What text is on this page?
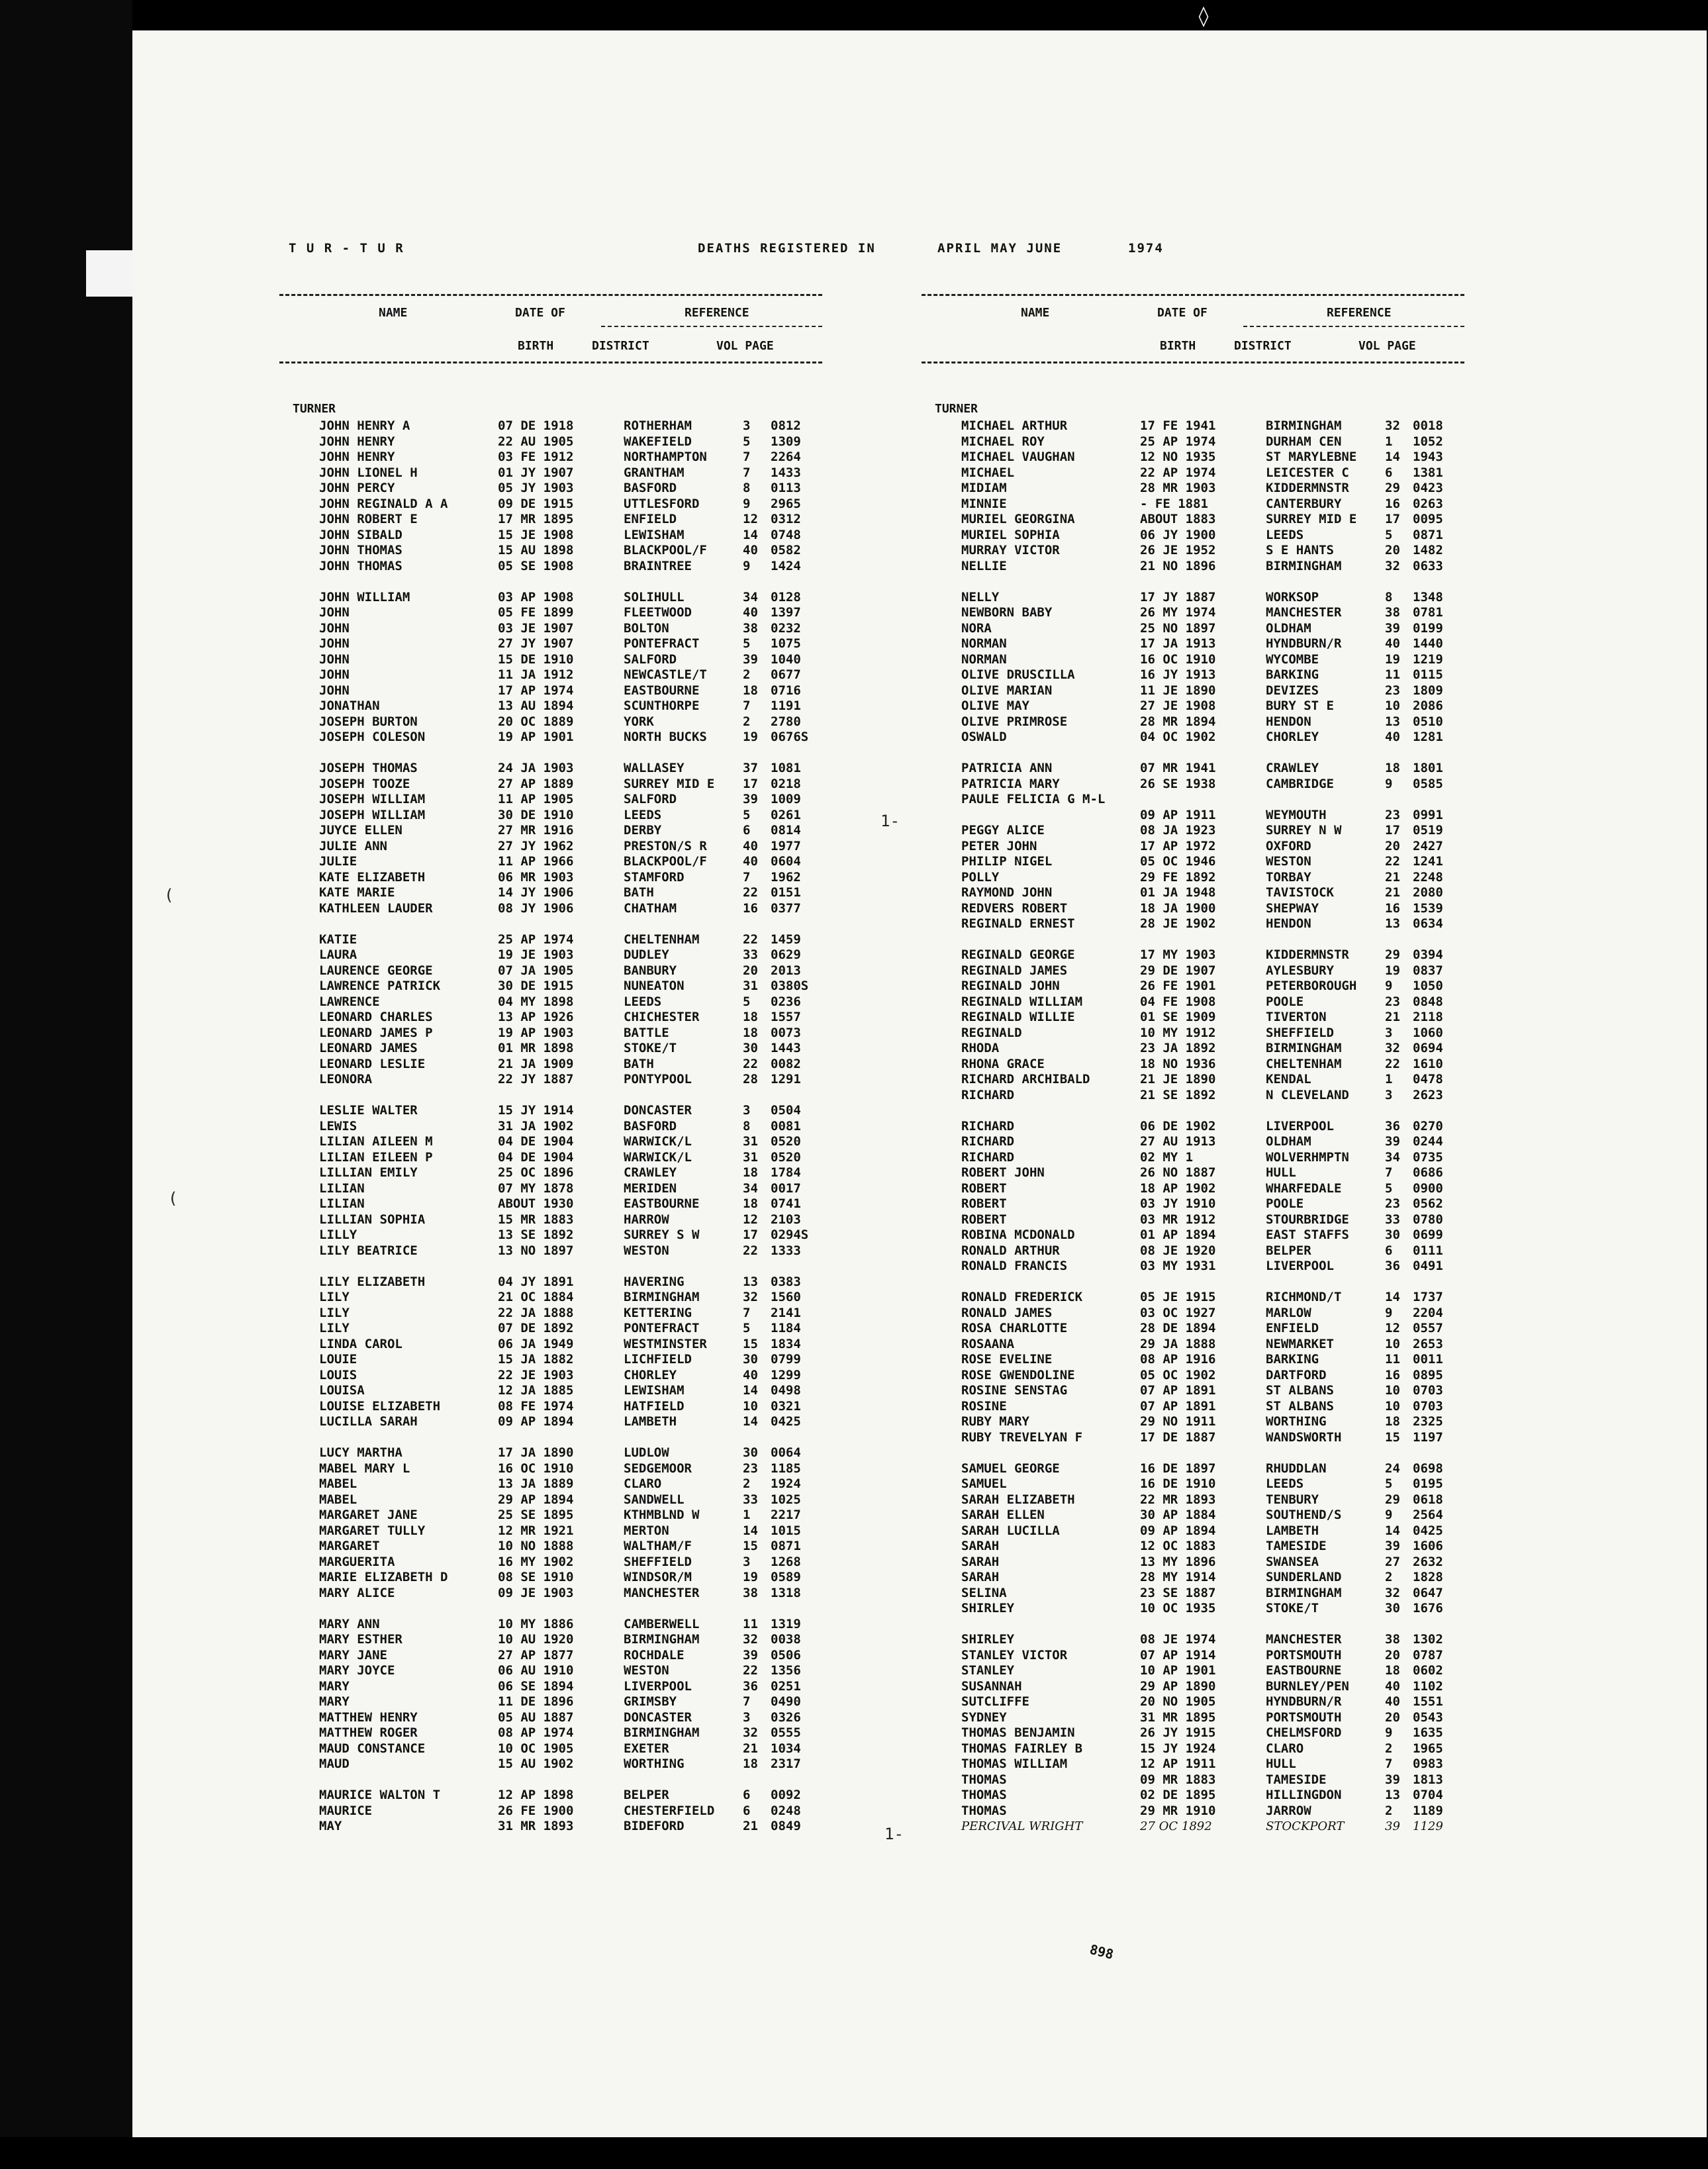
◊
T U R - T U R	DEATHS REGISTERED IN	APRIL MAY JUNE	1974
NAME	DATE OF
BIRTH
REFERENCE
DISTRICT	VOL PAGE
TURNER
JOHN HENRY A	07 DE 1918	ROTHERHAM	3 0812
JOHN HENRY	22 AU 1905	WAKEFIELD	5 1309
JOHN HENRY	03 FE 1912	NORTHAMPTON	7 2264
JOHN LIONEL H	01 JY 1907	GRANTHAM	7 1433
JOHN PERCY	05 JY 1903	BASFORD	8 0113
JOHN REGINALD A A	09 DE 1915	UTTLESFORD	9 2965
JOHN ROBERT E	17 MR 1895	ENFIELD	12 0312
JOHN SIBALD	15 JE 1908	LEWISHAM	14 0748
JOHN THOMAS	15 AU 1898	BLACKPOOL/F	40 0582
JOHN THOMAS	05 SE 1908	BRAINTREE	9 1424
JOHN WILLIAM	03 AP 1908	SOLIHULL	34 0128
JOHN	05 FE 1899	FLEETWOOD	40 1397
JOHN	03 JE 1907	BOLTON	38 0232
JOHN	27 JY 1907	PONTEFRACT	5 1075
JOHN	15 DE 1910	SALFORD	39 1040
JOHN	11 JA 1912	NEWCASTLE/T	2 0677
JOHN	17 AP 1974	EASTBOURNE	18 0716
JONATHAN	13 AU 1894	SCUNTHORPE	7 1191
JOSEPH BURTON	20 OC 1889	YORK	2 2780
JOSEPH COLESON	19 AP 1901	NORTH BUCKS	19 0676S
JOSEPH THOMAS	24 JA 1903	WALLASEY	37 1081
JOSEPH TOOZE	27 AP 1889	SURREY MID E 17 0218
JOSEPH WILLIAM	11 AP 1905	SALFORD	39 1009
JOSEPH WILLIAM	30 DE 1910	LEEDS	5 0261
JUYCE ELLEN	27 MR 1916	DERBY	6 0814
JULIE ANN	27 JY 1962	PRESTON/S R	40 1977
JULIE	11 AP 1966	BLACKPOOL/F	40 0604
KATE ELIZABETH	06 MR 1903	STAMFORD	7 1962
KATE MARIE	14 JY 1906	BATH	22 0151
KATHLEEN LAUDER	08 JY 1906	CHATHAM	16 0377
KATIE	25 AP 1974	CHELTENHAM	22 1459
LAURA	19 JE 1903	DUDLEY	33 0629
LAURENCE GEORGE	07 JA 1905	BANBURY	20 2013
LAWRENCE PATRICK	30 DE 1915	NUNEATON	31 0380S
LAWRENCE	04 MY 1898	LEEDS	5 0236
LEONARD CHARLES	13 AP 1926	CHICHESTER	18 1557
LEONARD JAMES P	19 AP 1903	BATTLE	18 0073
LEONARD JAMES	01 MR 1898	STOKE/T	30 1443
LEONARD LESLIE	21 JA 1909	BATH	22 0082
LEONORA	22 JY 1887	PONTYPOOL	28 1291
LESLIE WALTER	15 JY 1914	DONCASTER	3 0504
LEWIS	31 JA 1902	BASFORD	8 0081
LILIAN AILEEN M	04 DE 1904	WARWICK/L	31 0520
LILIAN EILEEN P	04 DE 1904	WARWICK/L	31 0520
LILLIAN EMILY	25 OC 1896	CRAWLEY	18 1784
LILIAN	07 MY 1878	MERIDEN	34 0017
LILIAN	ABOUT 1930	EASTBOURNE	18 0741
LILLIAN SOPHIA	15 MR 1883	HARROW	12 2103
LILLY	13 SE 1892	SURREY S W	17 0294S
LILY BEATRICE	13 NO 1897	WESTON	22 1333
LILY ELIZABETH	04 JY 1891	HAVERING	13 0383
LILY	21 OC 1884	BIRMINGHAM	32 1560
LILY	22 JA 1888	KETTERING	7 2141
LILY	07 DE 1892	PONTEFRACT	5 1184
LINDA CAROL	06 JA 1949	WESTMINSTER	15 1834
LOUIE	15 JA 1882	LICHFIELD	30 0799
LOUIS	22 JE 1903	CHORLEY	40 1299
LOUISA	12 JA 1885	LEWISHAM	14 0498
LOUISE ELIZABETH	08 FE 1974	HATFIELD	10 0321
LUCILLA SARAH	09 AP 1894	LAMBETH	14 0425
LUCY MARTHA	17 JA 1890	LUDLOW	30 0064
MABEL MARY L	16 OC 1910	SEDGEMOOR	23 1185
MABEL	13 JA 1889	CLARO	2 1924
MABEL	29 AP 1894	SANDWELL	33 1025
MARGARET JANE	25 SE 1895	KTHMBLND W	1 2217
MARGARET TULLY	12 MR 1921	MERTON	14 1015
MARGARET	10 NO 1888	WALTHAM/F	15 0871
MARGUERITA	16 MY 1902	SHEFFIELD	3 1268
MARIE ELIZABETH D	08 SE 1910	WINDSOR/M	19 0589
MARY ALICE	09 JE 1903	MANCHESTER	38 1318
MARY ANN	10 MY 1886	CAMBERWELL	11 1319
MARY ESTHER	10 AU 1920	BIRMINGHAM	32 0038
MARY JANE	27 AP 1877	ROCHDALE	39 0506
MARY JOYCE	06 AU 1910	WESTON	22 1356
MARY	06 SE 1894	LIVERPOOL	36 0251
MARY	11 DE 1896	GRIMSBY	7 0490
MATTHEW HENRY	05 AU 1887	DONCASTER	3 0326
MATTHEW ROGER	08 AP 1974	BIRMINGHAM	32 0555
MAUD CONSTANCE	10 OC 1905	EXETER	21 1034
MAUD	15 AU 1902	WORTHING	18 2317
MAURICE WALTON T	12 AP 1898	BELPER	6 0092
MAURICE	26 FE 1900	CHESTERFIELD 6 0248
MAY	31 MR 1893	BIDEFORD	21 0849
NAME	DATE OF
BIRTH
REFERENCE
DISTRICT	VOL PAGE
TURNER
MICHAEL ARTHUR	17 FE 1941	BIRMINGHAM	32 0018
MICHAEL ROY	25 AP 1974	DURHAM CEN	1 1052
MICHAEL VAUGHAN	12 NO 1935	ST MARYLEBNE 14 1943
MICHAEL	22 AP 1974	LEICESTER C	6 1381
MIDIAM	28 MR 1903	KIDDERMNSTR	29 0423
MINNIE	- FE 1881	CANTERBURY	16 0263
MURIEL GEORGINA	ABOUT 1883	SURREY MID E 17 0095
MURIEL SOPHIA	06 JY 1900	LEEDS	5 0871
MURRAY VICTOR	26 JE 1952	S E HANTS	20 1482
NELLIE	21 NO 1896	BIRMINGHAM	32 0633
NELLY	17 JY 1887	WORKSOP	8 1348
NEWBORN BABY	26 MY 1974	MANCHESTER	38 0781
NORA	25 NO 1897	OLDHAM	39 0199
NORMAN	17 JA 1913	HYNDBURN/R	40 1440
NORMAN	16 OC 1910	WYCOMBE	19 1219
OLIVE DRUSCILLA	16 JY 1913	BARKING	11 0115
OLIVE MARIAN	11 JE 1890	DEVIZES	23 1809
OLIVE MAY	27 JE 1908	BURY ST E	10 2086
OLIVE PRIMROSE	28 MR 1894	HENDON	13 0510
OSWALD	04 OC 1902	CHORLEY	40 1281
PATRICIA ANN	07 MR 1941	CRAWLEY	18 1801
PATRICIA MARY	26 SE 1938	CAMBRIDGE	9 0585
PAULE FELICIA G M-L
09 AP 1911	WEYMOUTH	23 0991
PEGGY ALICE	08 JA 1923	SURREY N W	17 0519
PETER JOHN	17 AP 1972	OXFORD	20 2427
PHILIP NIGEL	05 OC 1946	WESTON	22 1241
POLLY	29 FE 1892	TORBAY	21 2248
RAYMOND JOHN	01 JA 1948	TAVISTOCK	21 2080
REDVERS ROBERT	18 JA 1900	SHEPWAY	16 1539
REGINALD ERNEST	28 JE 1902	HENDON	13 0634
REGINALD GEORGE	17 MY 1903	KIDDERMNSTR	29 0394
REGINALD JAMES	29 DE 1907	AYLESBURY	19 0837
REGINALD JOHN	26 FE 1901	PETERBOROUGH 9 1050
REGINALD WILLIAM	04 FE 1908	POOLE	23 0848
REGINALD WILLIE	01 SE 1909	TIVERTON	21 2118
REGINALD	10 MY 1912	SHEFFIELD	3 1060
RHODA	23 JA 1892	BIRMINGHAM	32 0694
RHONA GRACE	18 NO 1936	CHELTENHAM	22 1610
RICHARD ARCHIBALD	21 JE 1890	KENDAL	1 0478
RICHARD	21 SE 1892	N CLEVELAND	3 2623
RICHARD	06 DE 1902	LIVERPOOL	36 0270
RICHARD	27 AU 1913	OLDHAM	39 0244
RICHARD	02 MY 1	WOLVERHMPTN	34 0735
ROBERT JOHN	26 NO 1887	HULL	7 0686
ROBERT	18 AP 1902	WHARFEDALE	5 0900
ROBERT	03 JY 1910	POOLE	23 0562
ROBERT	03 MR 1912	STOURBRIDGE	33 0780
ROBINA MCDONALD	01 AP 1894	EAST STAFFS	30 0699
RONALD ARTHUR	08 JE 1920	BELPER	6 0111
RONALD FRANCIS	03 MY 1931	LIVERPOOL	36 0491
RONALD FREDERICK	05 JE 1915	RICHMOND/T	14 1737
RONALD JAMES	03 OC 1927	MARLOW	9 2204
ROSA CHARLOTTE	28 DE 1894	ENFIELD	12 0557
ROSAANA	29 JA 1888	NEWMARKET	10 2653
ROSE EVELINE	08 AP 1916	BARKING	11 0011
ROSE GWENDOLINE	05 OC 1902	DARTFORD	16 0895
ROSINE SENSTAG	07 AP 1891	ST ALBANS	10 0703
ROSINE	07 AP 1891	ST ALBANS	10 0703
RUBY MARY	29 NO 1911	WORTHING	18 2325
RUBY TREVELYAN F	17 DE 1887	WANDSWORTH	15 1197
SAMUEL GEORGE	16 DE 1897	RHUDDLAN	24 0698
SAMUEL	16 DE 1910	LEEDS	5 0195
SARAH ELIZABETH	22 MR 1893	TENBURY	29 0618
SARAH ELLEN	30 AP 1884	SOUTHEND/S	9 2564
SARAH LUCILLA	09 AP 1894	LAMBETH	14 0425
SARAH	12 OC 1883	TAMESIDE	39 1606
SARAH	13 MY 1896	SWANSEA	27 2632
SARAH	28 MY 1914	SUNDERLAND	2 1828
SELINA	23 SE 1887	BIRMINGHAM	32 0647
SHIRLEY	10 OC 1935	STOKE/T	30 1676
SHIRLEY	08 JE 1974	MANCHESTER	38 1302
STANLEY VICTOR	07 AP 1914	PORTSMOUTH	20 0787
STANLEY	10 AP 1901	EASTBOURNE	18 0602
SUSANNAH	29 AP 1890	BURNLEY/PEN	40 1102
SUTCLIFFE	20 NO 1905	HYNDBURN/R	40 1551
SYDNEY	31 MR 1895	PORTSMOUTH	20 0543
THOMAS BENJAMIN	26 JY 1915	CHELMSFORD	9 1635
THOMAS FAIRLEY B	15 JY 1924	CLARO	2 1965
THOMAS WILLIAM	12 AP 1911	HULL	7 0983
THOMAS	09 MR 1883	TAMESIDE	39 1813
THOMAS	02 DE 1895	HILLINGDON	13 0704
THOMAS	29 MR 1910	JARROW	2 1189
PERCIVAL WRIGHT	27 OC 1892	STOCKPORT	39 1129
1-
1-
(
(
898
